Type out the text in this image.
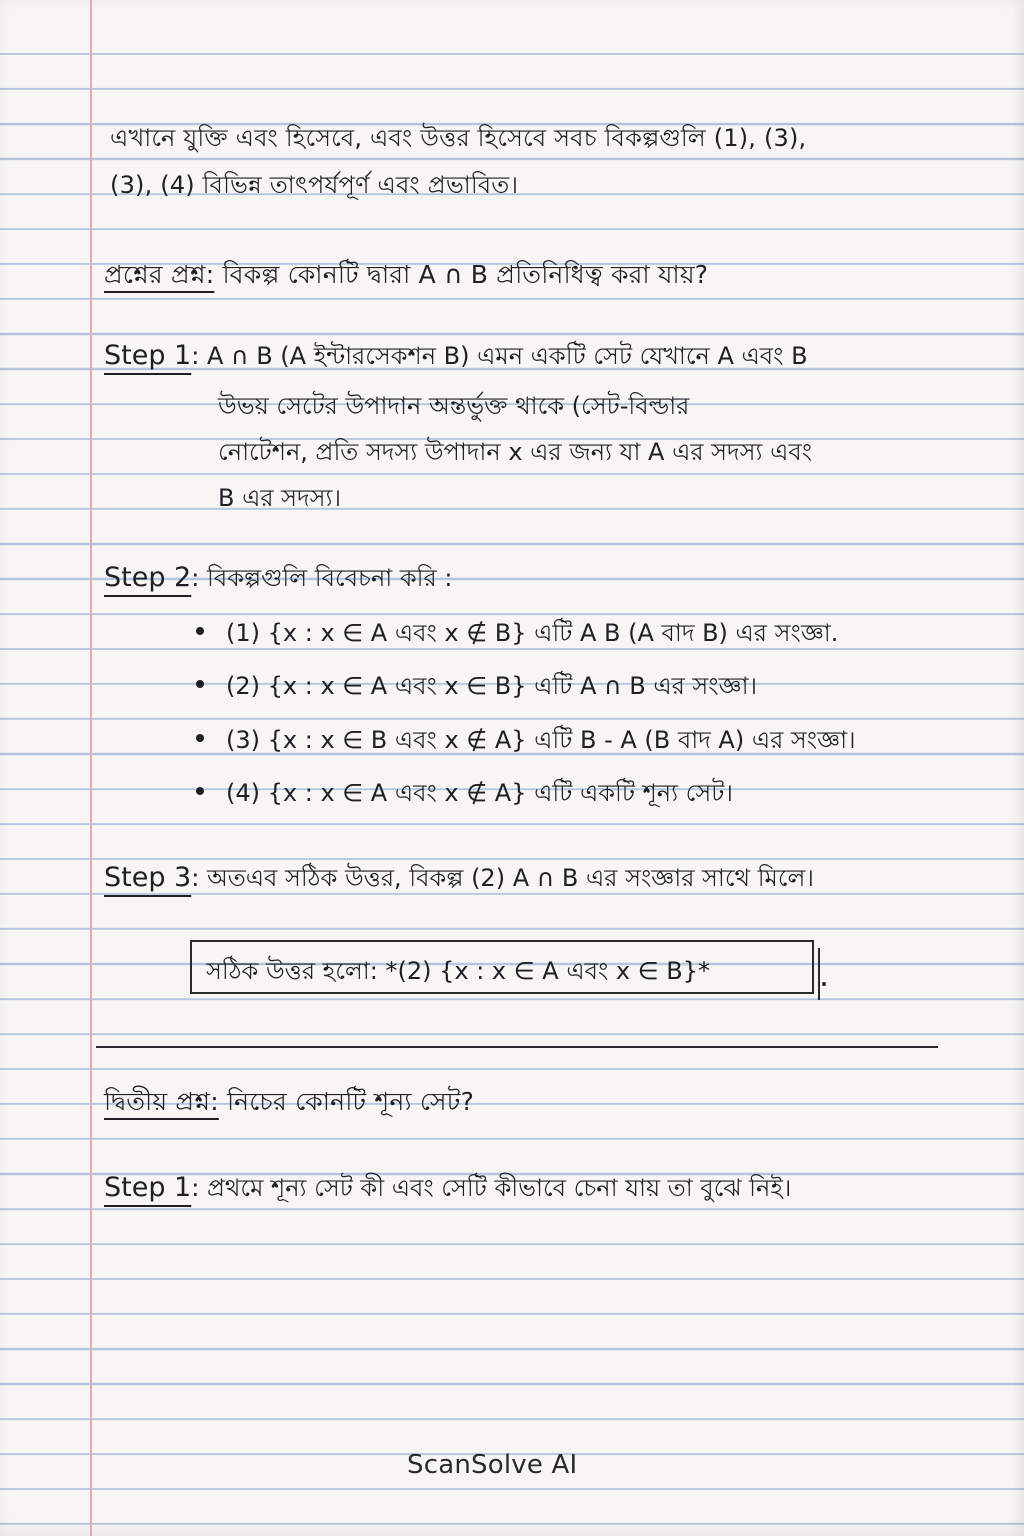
এখানে যুক্তি এবং হিসেবে, এবং উত্তর হিসেবে সবচ বিকল্পগুলি (1), (3),
(3), (4) বিভিন্ন তাৎপর্যপূর্ণ এবং প্রভাবিত।
প্রশ্নের প্রশ্ন: বিকল্প কোনটি দ্বারা A ∩ B প্রতিনিধিত্ব করা যায়?
Step 1: A ∩ B (A ইন্টারসেকশন B) এমন একটি সেট যেখানে A এবং B
উভয় সেটের উপাদান অন্তর্ভুক্ত থাকে (সেট-বিল্ডার
নোটেশন, প্রতি সদস্য উপাদান x এর জন্য যা A এর সদস্য এবং
B এর সদস্য।
Step 2: বিকল্পগুলি বিবেচনা করি :
(1) {x : x ∈ A এবং x ∉ B} এটি A B (A বাদ B) এর সংজ্ঞা.
(2) {x : x ∈ A এবং x ∈ B} এটি A ∩ B এর সংজ্ঞা।
(3) {x : x ∈ B এবং x ∉ A} এটি B - A (B বাদ A) এর সংজ্ঞা।
(4) {x : x ∈ A এবং x ∉ A} এটি একটি শূন্য সেট।
Step 3: অতএব সঠিক উত্তর, বিকল্প (2) A ∩ B এর সংজ্ঞার সাথে মিলে।
সঠিক উত্তর হলো: *(2) {x : x ∈ A এবং x ∈ B}*
দ্বিতীয় প্রশ্ন: নিচের কোনটি শূন্য সেট?
Step 1: প্রথমে শূন্য সেট কী এবং সেটি কীভাবে চেনা যায় তা বুঝে নিই।
ScanSolve AI
